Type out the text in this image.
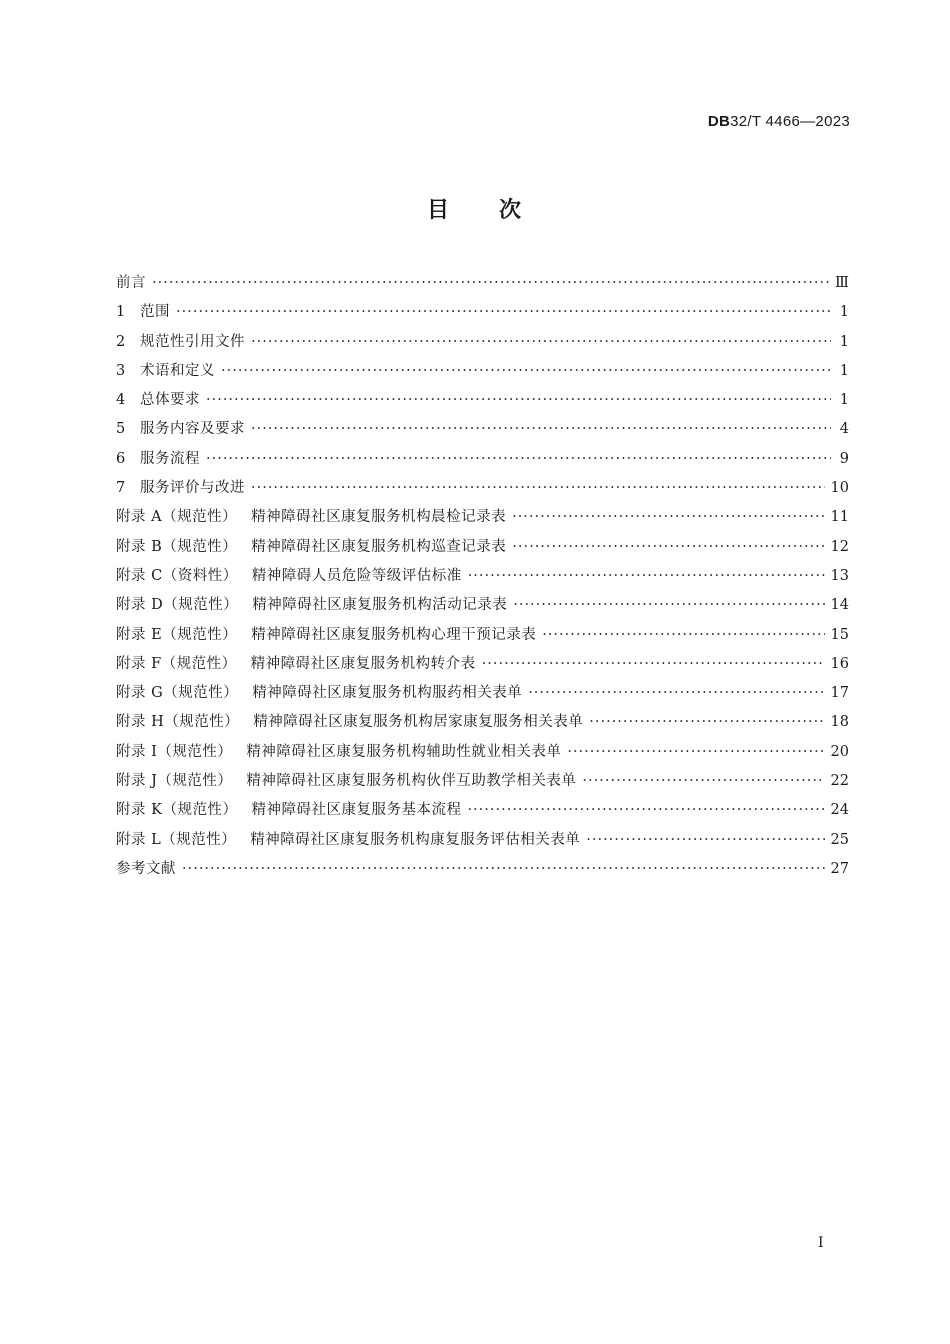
DB32/T 4466—2023
目 次
前言 ·····	Ⅲ
1 范围 ·····	1
2 规范性引用文件 ·····	1
3 术语和定义 ·····	1
4 总体要求 ·····	1
5 服务内容及要求 ·····	4
6 服务流程 ·····	9
7 服务评价与改进 ·····	10
附录 A（规范性） 精神障碍社区康复服务机构晨检记录表 ·····	11
附录 B（规范性） 精神障碍社区康复服务机构巡查记录表 ·····	12
附录 C（资料性） 精神障碍人员危险等级评估标准 ·····	13
附录 D（规范性） 精神障碍社区康复服务机构活动记录表 ·····	14
附录 E（规范性） 精神障碍社区康复服务机构心理干预记录表 ·····	15
附录 F（规范性） 精神障碍社区康复服务机构转介表 ·····	16
附录 G（规范性） 精神障碍社区康复服务机构服药相关表单 ·····	17
附录 H（规范性） 精神障碍社区康复服务机构居家康复服务相关表单 ·····	18
附录 I（规范性） 精神障碍社区康复服务机构辅助性就业相关表单 ·····	20
附录 J（规范性） 精神障碍社区康复服务机构伙伴互助教学相关表单 ·····	22
附录 K（规范性） 精神障碍社区康复服务基本流程 ·····	24
附录 L（规范性） 精神障碍社区康复服务机构康复服务评估相关表单 ·····	25
参考文献 ·····	27
I
